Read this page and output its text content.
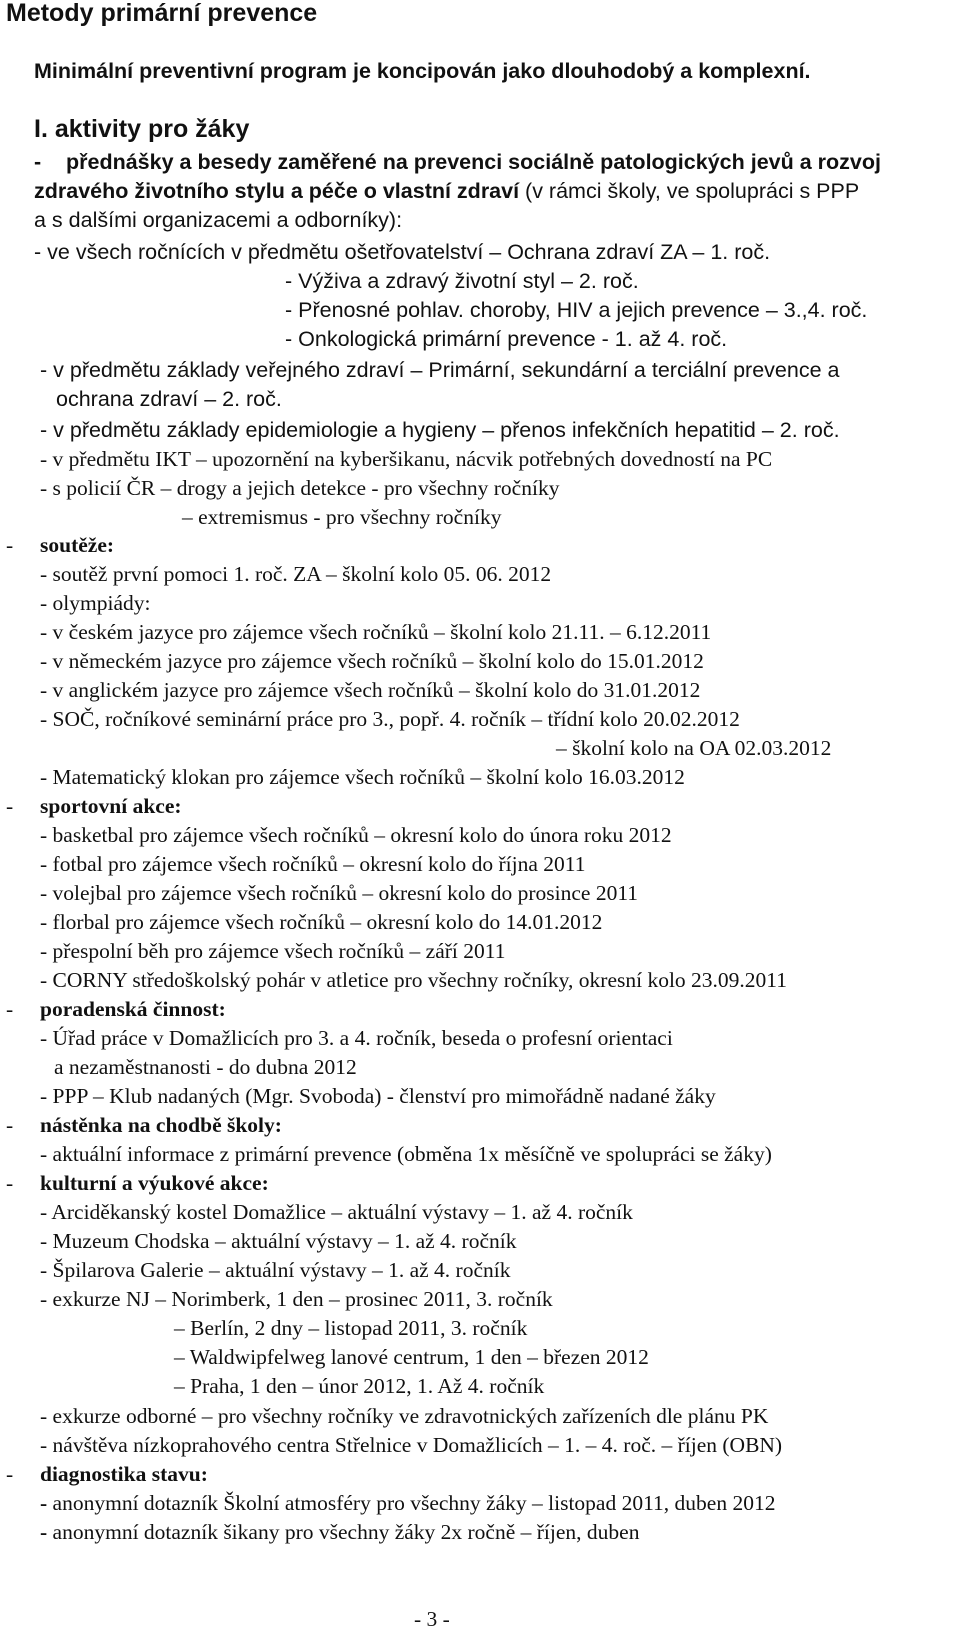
Metody primární prevence
Minimální preventivní program je koncipován jako dlouhodobý a komplexní.
I. aktivity pro žáky
- přednášky a besedy zaměřené na prevenci sociálně patologických jevů a rozvoj
zdravého životního stylu a péče o vlastní zdraví (v rámci školy, ve spolupráci s PPP
a s dalšími organizacemi a odborníky):
- ve všech ročnících v předmětu ošetřovatelství – Ochrana zdraví ZA – 1. roč.
- Výživa a zdravý životní styl – 2. roč.
- Přenosné pohlav. choroby, HIV a jejich prevence – 3.,4. roč.
- Onkologická primární prevence - 1. až 4. roč.
- v předmětu základy veřejného zdraví – Primární, sekundární a terciální prevence a
ochrana zdraví – 2. roč.
- v předmětu základy epidemiologie a hygieny – přenos infekčních hepatitid – 2. roč.
- v předmětu IKT – upozornění na kyberšikanu, nácvik potřebných dovedností na PC
- s policií ČR – drogy a jejich detekce - pro všechny ročníky
– extremismus - pro všechny ročníky
- soutěže:
- soutěž první pomoci 1. roč. ZA – školní kolo 05. 06. 2012
- olympiády:
- v českém jazyce pro zájemce všech ročníků – školní kolo 21.11. – 6.12.2011
- v německém jazyce pro zájemce všech ročníků – školní kolo do 15.01.2012
- v anglickém jazyce pro zájemce všech ročníků – školní kolo do 31.01.2012
- SOČ, ročníkové seminární práce pro 3., popř. 4. ročník – třídní kolo 20.02.2012
– školní kolo na OA 02.03.2012
- Matematický klokan pro zájemce všech ročníků – školní kolo 16.03.2012
- sportovní akce:
- basketbal pro zájemce všech ročníků – okresní kolo do února roku 2012
- fotbal pro zájemce všech ročníků – okresní kolo do října 2011
- volejbal pro zájemce všech ročníků – okresní kolo do prosince 2011
- florbal pro zájemce všech ročníků – okresní kolo do 14.01.2012
- přespolní běh pro zájemce všech ročníků – září 2011
- CORNY středoškolský pohár v atletice pro všechny ročníky, okresní kolo 23.09.2011
- poradenská činnost:
- Úřad práce v Domažlicích pro 3. a 4. ročník, beseda o profesní orientaci
a nezaměstnanosti - do dubna 2012
- PPP – Klub nadaných (Mgr. Svoboda) - členství pro mimořádně nadané žáky
- nástěnka na chodbě školy:
- aktuální informace z primární prevence (obměna 1x měsíčně ve spolupráci se žáky)
- kulturní a výukové akce:
- Arciděkanský kostel Domažlice – aktuální výstavy – 1. až 4. ročník
- Muzeum Chodska – aktuální výstavy – 1. až 4. ročník
- Špilarova Galerie – aktuální výstavy – 1. až 4. ročník
- exkurze NJ – Norimberk, 1 den – prosinec 2011, 3. ročník
– Berlín, 2 dny – listopad 2011, 3. ročník
– Waldwipfelweg lanové centrum, 1 den – březen 2012
– Praha, 1 den – únor 2012, 1. Až 4. ročník
- exkurze odborné – pro všechny ročníky ve zdravotnických zařízeních dle plánu PK
- návštěva nízkoprahového centra Střelnice v Domažlicích – 1. – 4. roč. – říjen (OBN)
- diagnostika stavu:
- anonymní dotazník Školní atmosféry pro všechny žáky – listopad 2011, duben 2012
- anonymní dotazník šikany pro všechny žáky 2x ročně – říjen, duben
- 3 -
